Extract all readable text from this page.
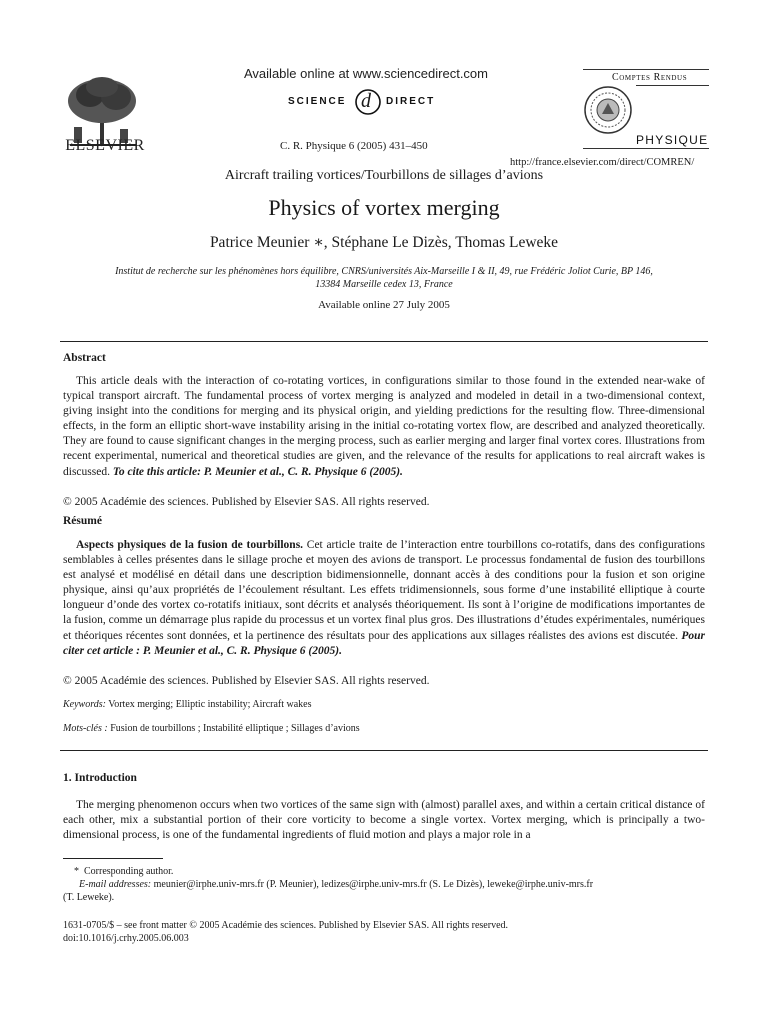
ELSEVIER
Available online at www.sciencedirect.com
SCIENCE d DIRECT
C. R. Physique 6 (2005) 431–450
http://france.elsevier.com/direct/COMREN/
Comptes Rendus
PHYSIQUE
Aircraft trailing vortices/Tourbillons de sillages d’avions
Physics of vortex merging
Patrice Meunier ∗, Stéphane Le Dizès, Thomas Leweke
Institut de recherche sur les phénomènes hors équilibre, CNRS/universités Aix-Marseille I & II, 49, rue Frédéric Joliot Curie, BP 146,
13384 Marseille cedex 13, France
Available online 27 July 2005
Abstract
This article deals with the interaction of co-rotating vortices, in configurations similar to those found in the extended near-wake of typical transport aircraft. The fundamental process of vortex merging is analyzed and modeled in detail in a two-dimensional context, giving insight into the conditions for merging and its physical origin, and yielding predictions for the resulting flow. Three-dimensional effects, in the form an elliptic short-wave instability arising in the initial co-rotating vortex flow, are described and analyzed theoretically. They are found to cause significant changes in the merging process, such as earlier merging and larger final vortex cores. Illustrations from recent experimental, numerical and theoretical studies are given, and the relevance of the results for applications to real aircraft wakes is discussed. To cite this article: P. Meunier et al., C. R. Physique 6 (2005).
© 2005 Académie des sciences. Published by Elsevier SAS. All rights reserved.
Résumé
Aspects physiques de la fusion de tourbillons. Cet article traite de l’interaction entre tourbillons co-rotatifs, dans des configurations semblables à celles présentes dans le sillage proche et moyen des avions de transport. Le processus fondamental de fusion des tourbillons est analysé et modélisé en détail dans une description bidimensionnelle, donnant accès à des conditions pour la fusion et son origine physique, ainsi qu’aux propriétés de l’écoulement résultant. Les effets tridimensionnels, sous forme d’une instabilité elliptique à courte longueur d’onde des vortex co-rotatifs initiaux, sont décrits et analysés théoriquement. Ils sont à l’origine de modifications importantes de la fusion, comme un démarrage plus rapide du processus et un vortex final plus gros. Des illustrations d’études expérimentales, numériques et théoriques récentes sont données, et la pertinence des résultats pour des applications aux sillages réalistes des avions est discutée. Pour citer cet article : P. Meunier et al., C. R. Physique 6 (2005).
© 2005 Académie des sciences. Published by Elsevier SAS. All rights reserved.
Keywords: Vortex merging; Elliptic instability; Aircraft wakes
Mots-clés : Fusion de tourbillons ; Instabilité elliptique ; Sillages d’avions
1. Introduction
The merging phenomenon occurs when two vortices of the same sign with (almost) parallel axes, and within a certain critical distance of each other, mix a substantial portion of their core vorticity to become a single vortex. Vortex merging, which is principally a two-dimensional process, is one of the fundamental ingredients of fluid motion and plays a major role in a
* Corresponding author.
E-mail addresses: meunier@irphe.univ-mrs.fr (P. Meunier), ledizes@irphe.univ-mrs.fr (S. Le Dizès), leweke@irphe.univ-mrs.fr
(T. Leweke).
1631-0705/$ – see front matter © 2005 Académie des sciences. Published by Elsevier SAS. All rights reserved.
doi:10.1016/j.crhy.2005.06.003
